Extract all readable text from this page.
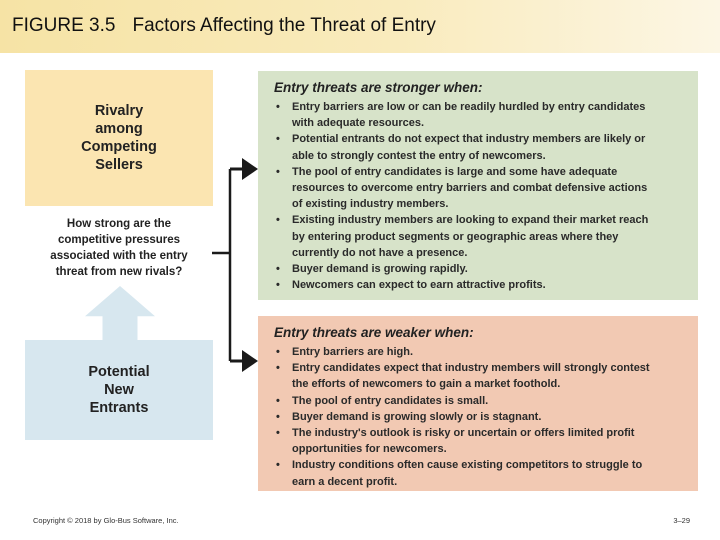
FIGURE 3.5 Factors Affecting the Threat of Entry
Rivalry
among
Competing
Sellers
How strong are the
competitive pressures
associated with the entry
threat from new rivals?
Potential
New
Entrants
Entry threats are stronger when:
• Entry barriers are low or can be readily hurdled by entry candidates
with adequate resources.
• Potential entrants do not expect that industry members are likely or
able to strongly contest the entry of newcomers.
• The pool of entry candidates is large and some have adequate
resources to overcome entry barriers and combat defensive actions
of existing industry members.
• Existing industry members are looking to expand their market reach
by entering product segments or geographic areas where they
currently do not have a presence.
• Buyer demand is growing rapidly.
• Newcomers can expect to earn attractive profits.
Entry threats are weaker when:
• Entry barriers are high.
• Entry candidates expect that industry members will strongly contest
the efforts of newcomers to gain a market foothold.
• The pool of entry candidates is small.
• Buyer demand is growing slowly or is stagnant.
• The industry's outlook is risky or uncertain or offers limited profit
opportunities for newcomers.
• Industry conditions often cause existing competitors to struggle to
earn a decent profit.
Copyright © 2018 by Glo-Bus Software, Inc.	3–29
